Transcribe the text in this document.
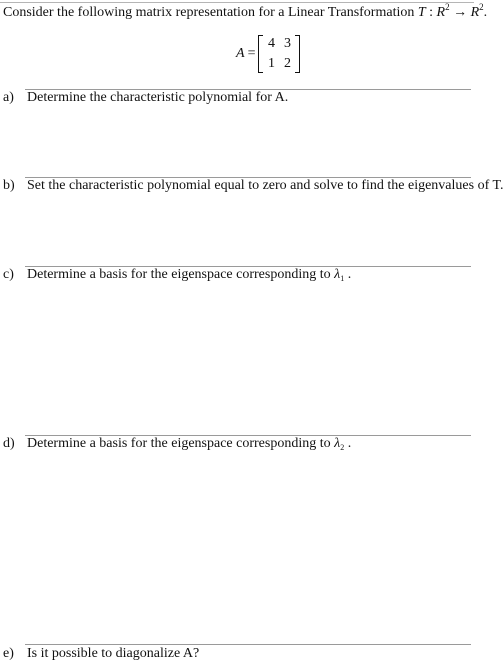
Consider the following matrix representation for a Linear Transformation T : $R^2 \to R^2$.
A =
4 3
1 2
a) Determine the characteristic polynomial for A.
b) Set the characteristic polynomial equal to zero and solve to find the eigenvalues of T.
c) Determine a basis for the eigenspace corresponding to $\lambda_1$ .
d) Determine a basis for the eigenspace corresponding to $\lambda_2$ .
e) Is it possible to diagonalize A?
